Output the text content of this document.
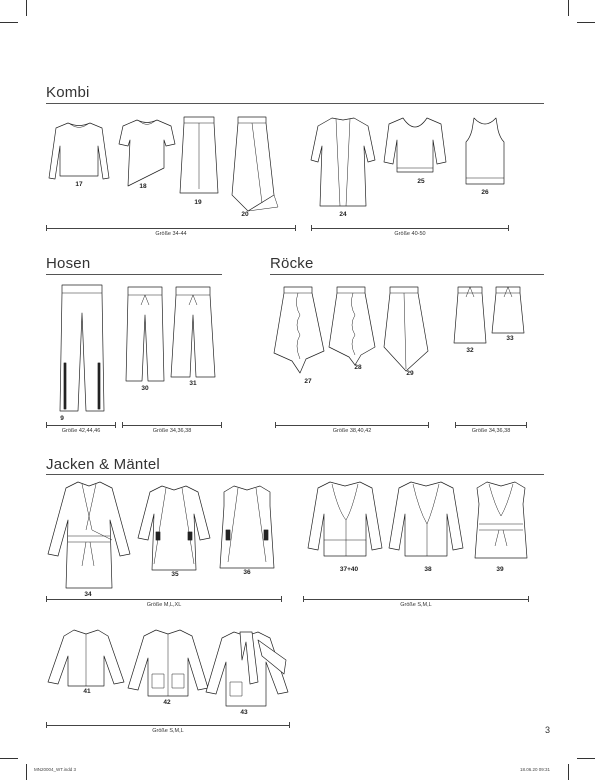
Kombi
17	18
19
20	24
25
26
Größe 34-44	Größe 40-50
Hosen
9
30
31
Größe 42,44,46	Größe 34,36,38
Röcke
27
28
29
32
33
Größe 38,40,42	Größe 34,36,38
Jacken & Mäntel
34
35	36	37+40	38	39
Größe M,L,XL	Größe S,M,L
41
42
43
Größe S,M,L	3
MN20004_WT.indd 3	18.06.20 09:31
